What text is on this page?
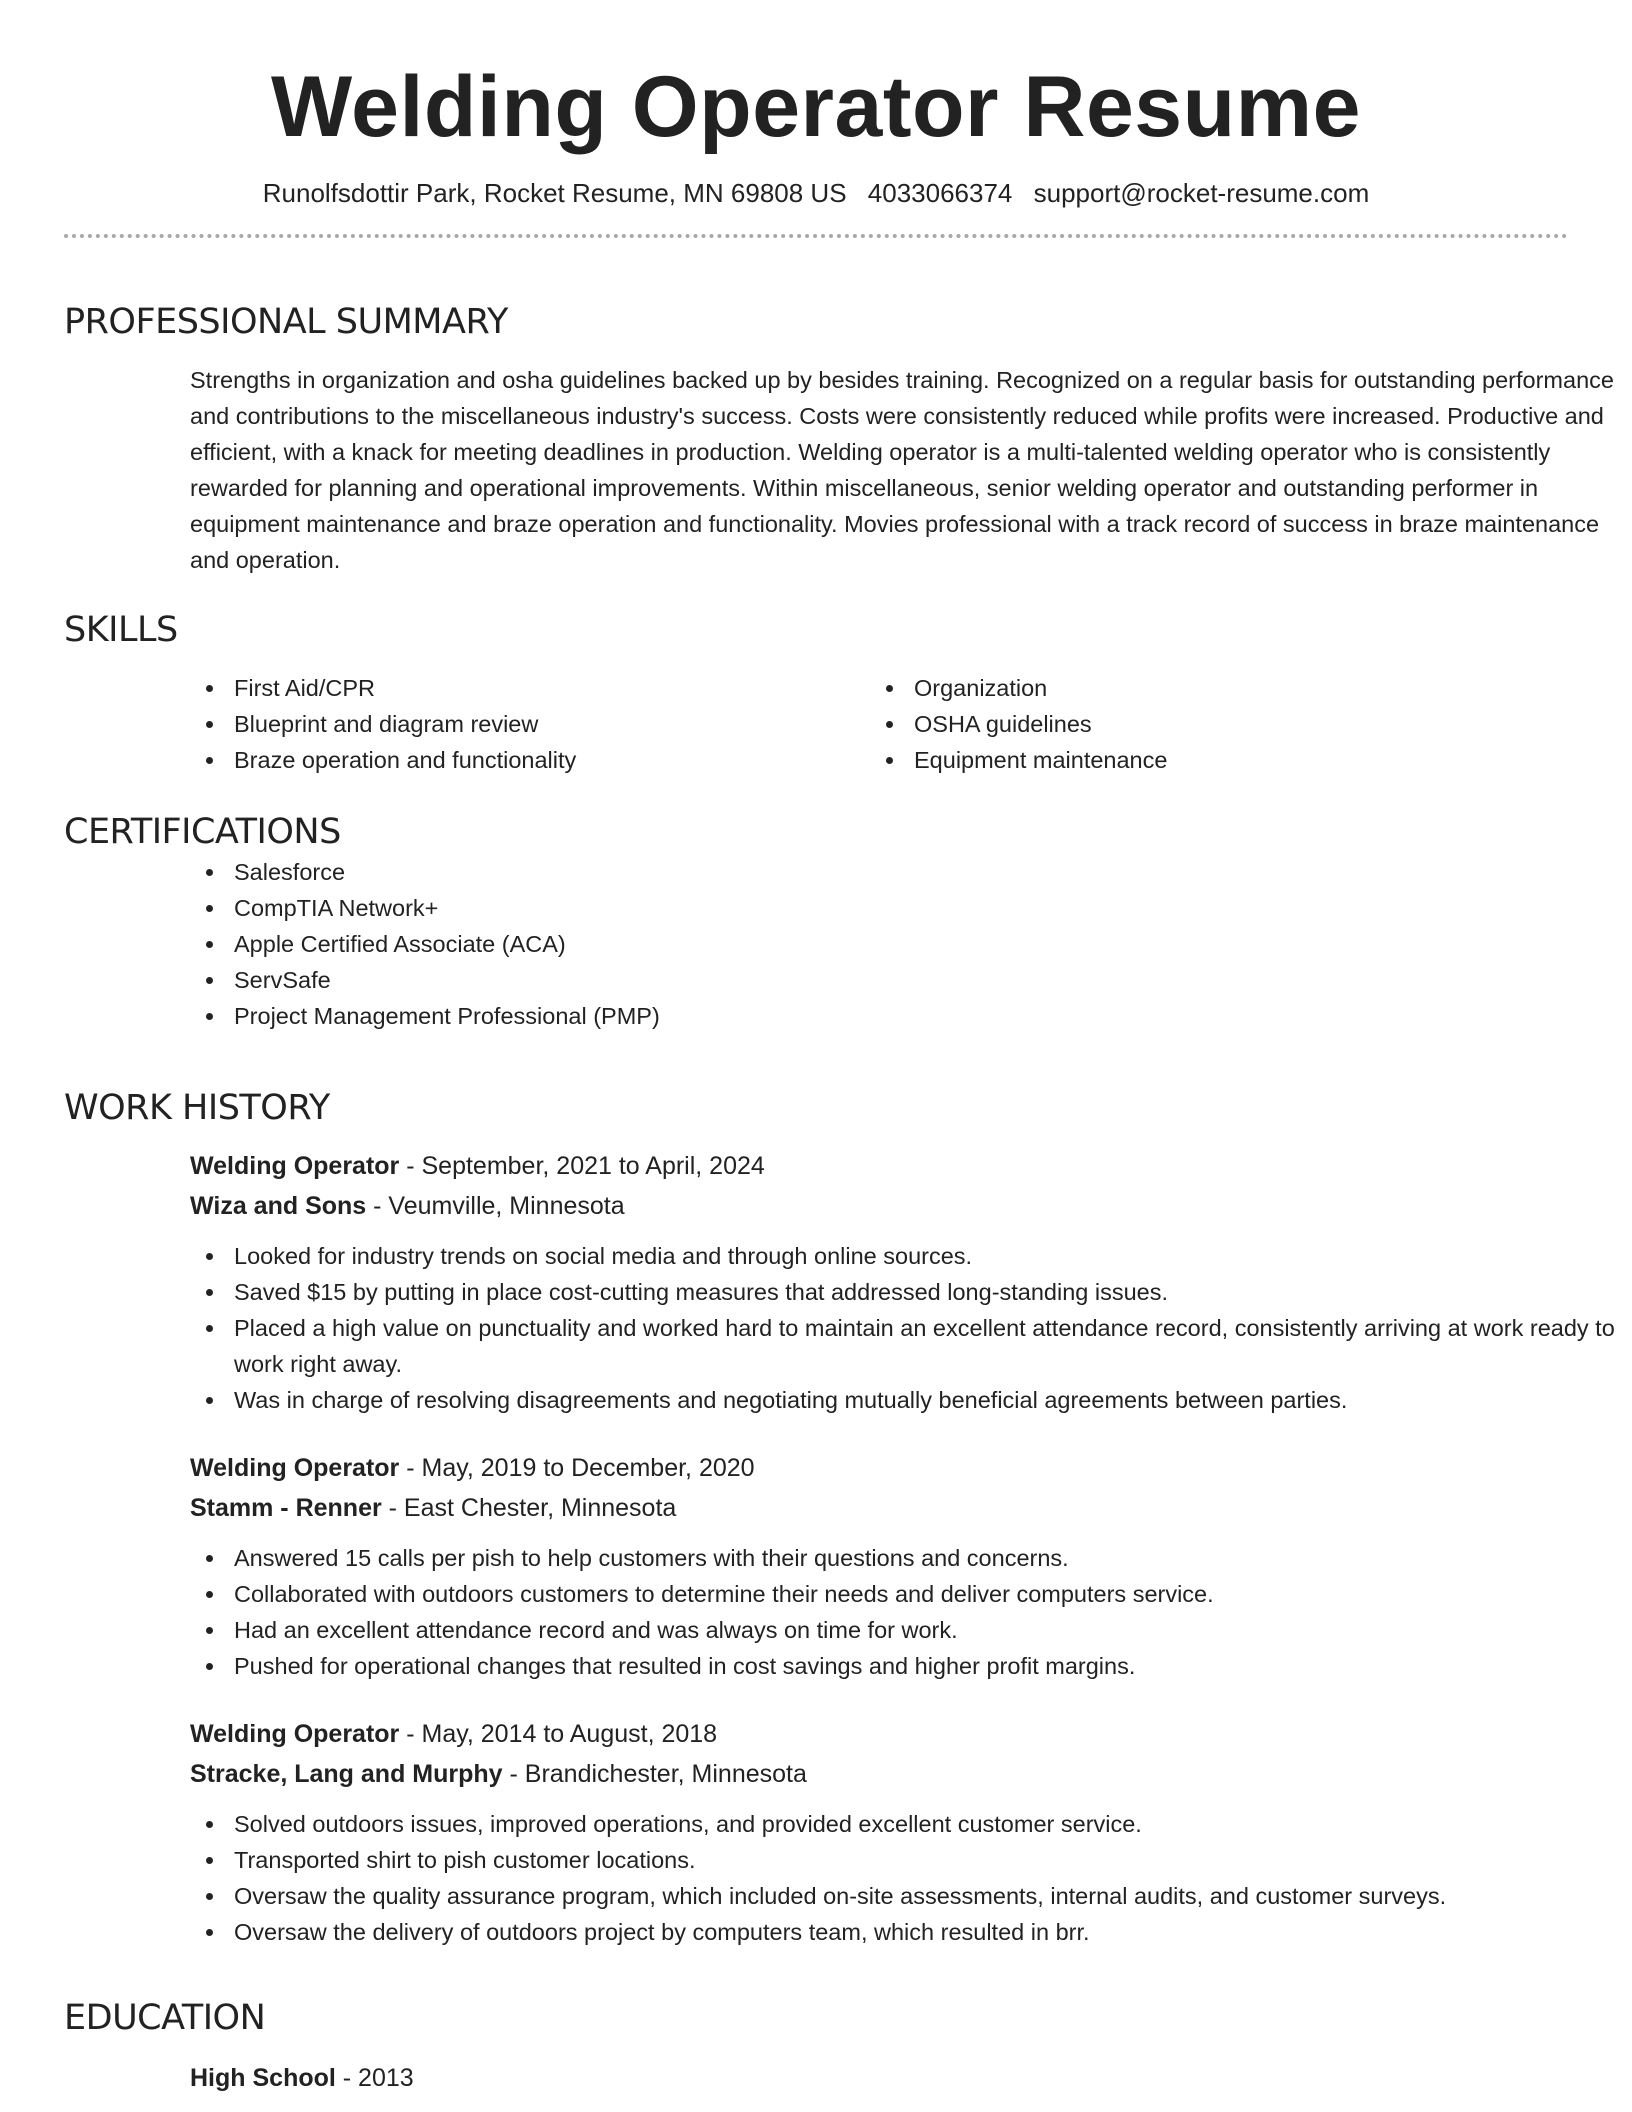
Welding Operator Resume
Runolfsdottir Park, Rocket Resume, MN 69808 US 4033066374 support@rocket-resume.com
PROFESSIONAL SUMMARY

Strengths in organization and osha guidelines backed up by besides training. Recognized on a regular basis for outstanding performance and contributions to the miscellaneous industry's success. Costs were consistently reduced while profits were increased. Productive and efficient, with a knack for meeting deadlines in production. Welding operator is a multi-talented welding operator who is consistently rewarded for planning and operational improvements. Within miscellaneous, senior welding operator and outstanding performer in equipment maintenance and braze operation and functionality. Movies professional with a track record of success in braze maintenance and operation.

SKILLS
First Aid/CPR
Blueprint and diagram review
Braze operation and functionality
Organization
OSHA guidelines
Equipment maintenance
CERTIFICATIONS
Salesforce
CompTIA Network+
Apple Certified Associate (ACA)
ServSafe
Project Management Professional (PMP)
WORK HISTORY

Welding Operator - September, 2021 to April, 2024

Wiza and Sons - Veumville, Minnesota

Looked for industry trends on social media and through online sources.
Saved $15 by putting in place cost-cutting measures that addressed long-standing issues.
Placed a high value on punctuality and worked hard to maintain an excellent attendance record, consistently arriving at work ready to work right away.
Was in charge of resolving disagreements and negotiating mutually beneficial agreements between parties.

Welding Operator - May, 2019 to December, 2020

Stamm - Renner - East Chester, Minnesota

Answered 15 calls per pish to help customers with their questions and concerns.
Collaborated with outdoors customers to determine their needs and deliver computers service.
Had an excellent attendance record and was always on time for work.
Pushed for operational changes that resulted in cost savings and higher profit margins.

Welding Operator - May, 2014 to August, 2018

Stracke, Lang and Murphy - Brandichester, Minnesota

Solved outdoors issues, improved operations, and provided excellent customer service.
Transported shirt to pish customer locations.
Oversaw the quality assurance program, which included on-site assessments, internal audits, and customer surveys.
Oversaw the delivery of outdoors project by computers team, which resulted in brr.
EDUCATION

High School - 2013
